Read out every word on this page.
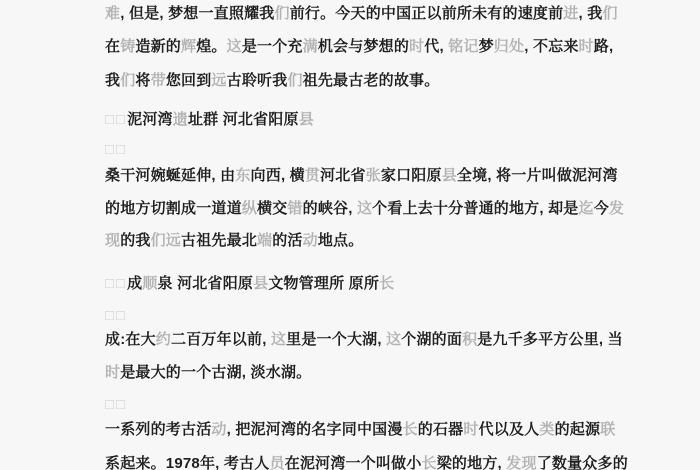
难, 但是, 梦想一直照耀我们前行。今天的中国正以前所未有的速度前进, 我们
在铸造新的辉煌。这是一个充满机会与梦想的时代, 铭记梦归处, 不忘来时路,
我们将带您回到远古聆听我们祖先最古老的故事。
□□泥河湾遗址群 河北省阳原县
□□
桑干河婉蜒延伸, 由东向西, 横贯河北省张家口阳原县全境, 将一片叫做泥河湾
的地方切割成一道道纵横交错的峡谷, 这个看上去十分普通的地方, 却是迄今发
现的我们远古祖先最北端的活动地点。
□□成顺泉 河北省阳原县文物管理所 原所长
□□
成:在大约二百万年以前, 这里是一个大湖, 这个湖的面积是九千多平方公里, 当
时是最大的一个古湖, 淡水湖。
□□
一系列的考古活动, 把泥河湾的名字同中国漫长的石器时代以及人类的起源联
系起来。1978年, 考古人员在泥河湾一个叫做小长梁的地方, 发现了数量众多的
